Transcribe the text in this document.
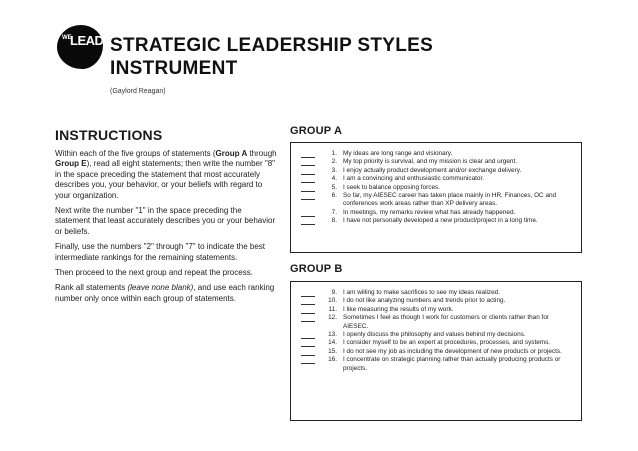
WE
LEAD STRATEGIC LEADERSHIP STYLES
INSTRUMENT
(Gaylord Reagan)
INSTRUCTIONS

Within each of the five groups of statements (Group A through Group E), read all eight statements; then write the number "8" in the space preceding the statement that most accurately describes you, your behavior, or your beliefs with regard to your organization.

Next write the number "1" in the space preceding the statement that least accurately describes you or your behavior or beliefs.

Finally, use the numbers "2" through "7" to indicate the best intermediate rankings for the remaining statements.

Then proceed to the next group and repeat the process.

Rank all statements (leave none blank), and use each ranking number only once within each group of statements.

GROUP A
1. My ideas are long range and visionary.
2. My top priority is survival, and my mission is clear and urgent.
3. I enjoy actually product development and/or exchange delivery.
4. I am a convincing and enthusiastic communicator.
5. I seek to balance opposing forces.
6. So far, my AIESEC career has taken place mainly in HR, Finances, OC and conferences work areas rather than XP delivery areas.
7. In meetings, my remarks review what has already happened.
8. I have not personally developed a new product/project in a long time.
GROUP B
9. I am willing to make sacrifices to see my ideas realized.
10. I do not like analyzing numbers and trends prior to acting.
11. I like measuring the results of my work.
12. Sometimes I feel as though I work for customers or clients rather than for AIESEC.
13. I openly discuss the philosophy and values behind my decisions.
14. I consider myself to be an expert at procedures, processes, and systems.
15. I do not see my job as including the development of new products or projects.
16. I concentrate on strategic planning rather than actually producing products or projects.
